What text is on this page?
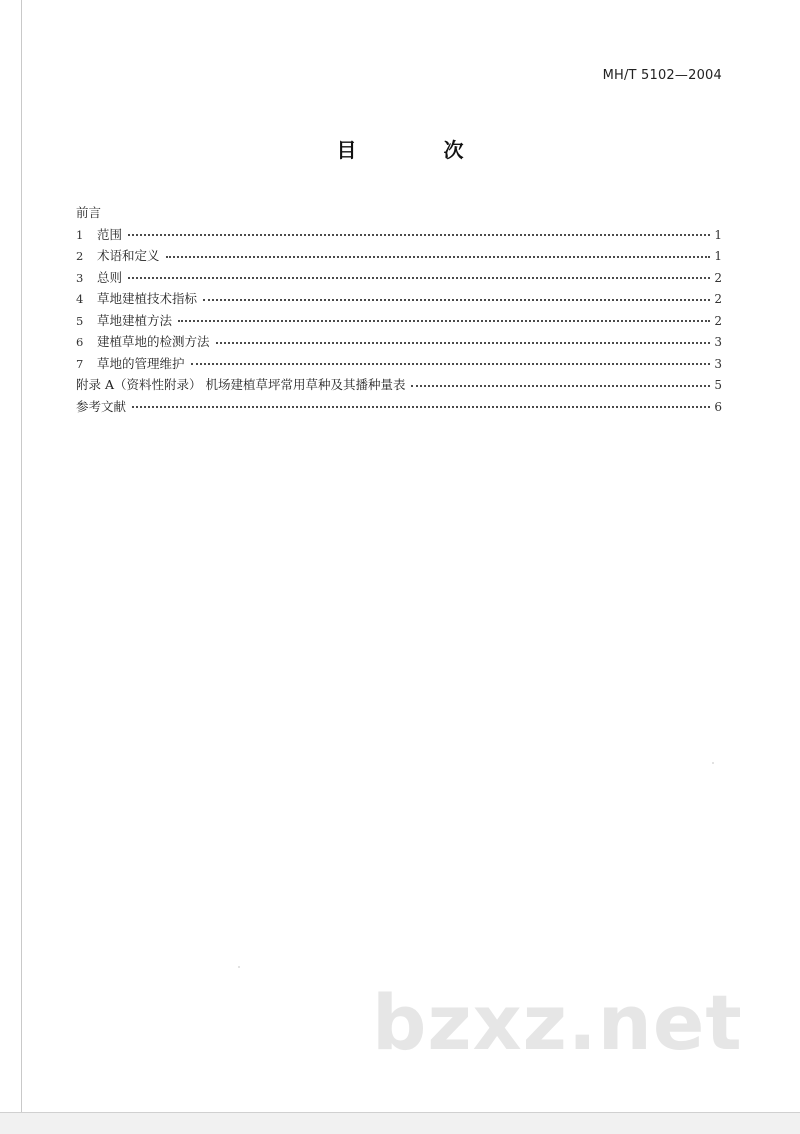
MH/T 5102—2004
目 次
前言
1	范围	1
2	术语和定义	1
3	总则	2
4	草地建植技术指标	2
5	草地建植方法	2
6	建植草地的检测方法	3
7	草地的管理维护	3
附录 A（资料性附录） 机场建植草坪常用草种及其播种量表	5
参考文献	6
bzxz.net
